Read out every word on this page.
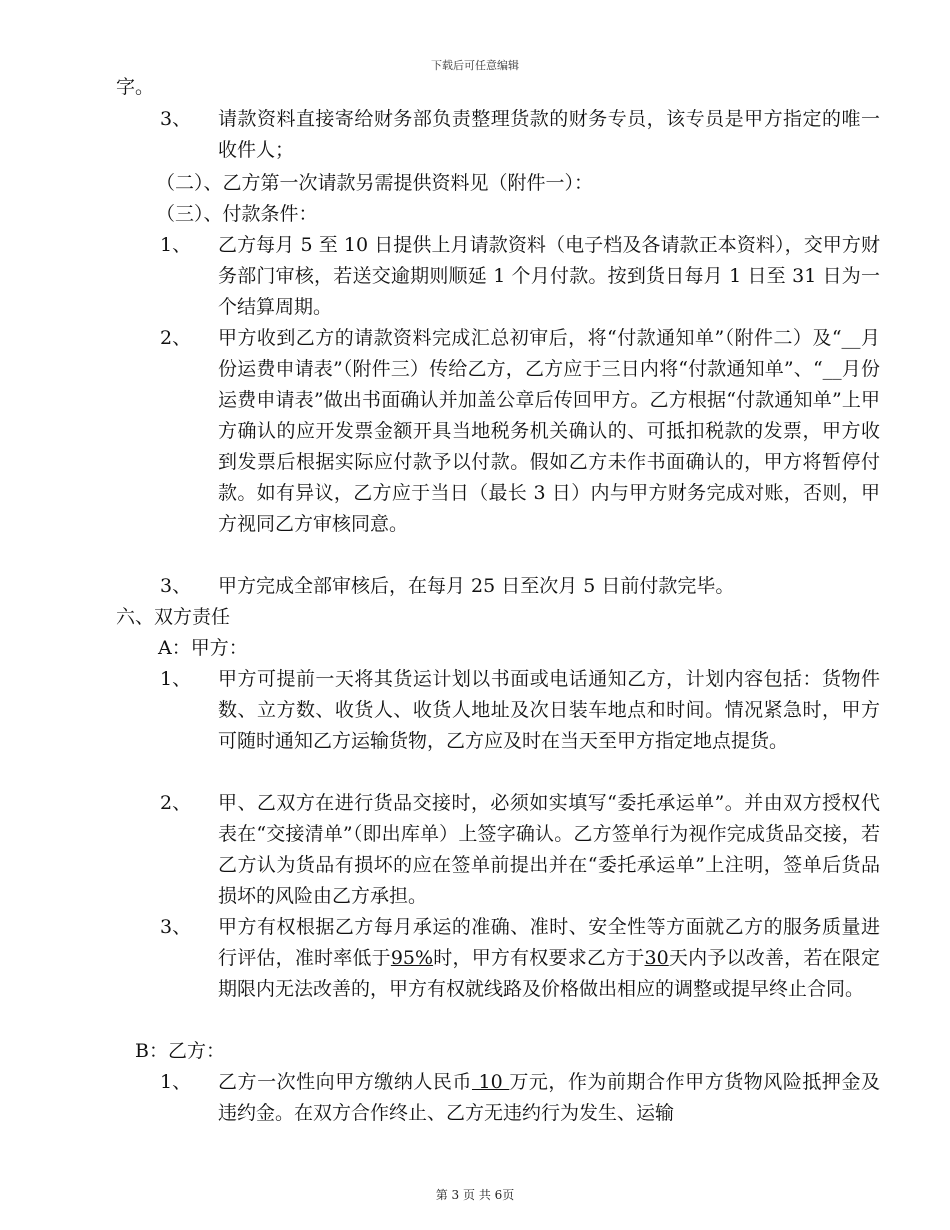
下载后可任意编辑
字。
3、	请款资料直接寄给财务部负责整理货款的财务专员，该专员是甲方指定的唯一收件人；
（二）、乙方第一次请款另需提供资料见（附件一）：
（三）、付款条件：
1、	乙方每月 5 至 10 日提供上月请款资料（电子档及各请款正本资料），交甲方财务部门审核，若送交逾期则顺延 1 个月付款。按到货日每月 1 日至 31 日为一个结算周期。
2、	甲方收到乙方的请款资料完成汇总初审后，将“付款通知单”（附件二）及“__月份运费申请表”（附件三）传给乙方，乙方应于三日内将“付款通知单”、“__月份运费申请表”做出书面确认并加盖公章后传回甲方。乙方根据“付款通知单”上甲方确认的应开发票金额开具当地税务机关确认的、可抵扣税款的发票，甲方收到发票后根据实际应付款予以付款。假如乙方未作书面确认的，甲方将暂停付款。如有异议，乙方应于当日（最长 3 日）内与甲方财务完成对账，否则，甲方视同乙方审核同意。
3、	甲方完成全部审核后，在每月 25 日至次月 5 日前付款完毕。
六、双方责任
A：甲方：
1、	甲方可提前一天将其货运计划以书面或电话通知乙方，计划内容包括：货物件数、立方数、收货人、收货人地址及次日装车地点和时间。情况紧急时，甲方可随时通知乙方运输货物，乙方应及时在当天至甲方指定地点提货。
2、	甲、乙双方在进行货品交接时，必须如实填写“委托承运单”。并由双方授权代表在“交接清单”（即出库单）上签字确认。乙方签单行为视作完成货品交接，若乙方认为货品有损坏的应在签单前提出并在“委托承运单”上注明，签单后货品损坏的风险由乙方承担。
3、	甲方有权根据乙方每月承运的准确、准时、安全性等方面就乙方的服务质量进行评估，准时率低于95%时，甲方有权要求乙方于30天内予以改善，若在限定期限内无法改善的，甲方有权就线路及价格做出相应的调整或提早终止合同。
B：乙方：
1、	乙方一次性向甲方缴纳人民币 10 万元，作为前期合作甲方货物风险抵押金及违约金。在双方合作终止、乙方无违约行为发生、运输
第 3 页 共 6页
